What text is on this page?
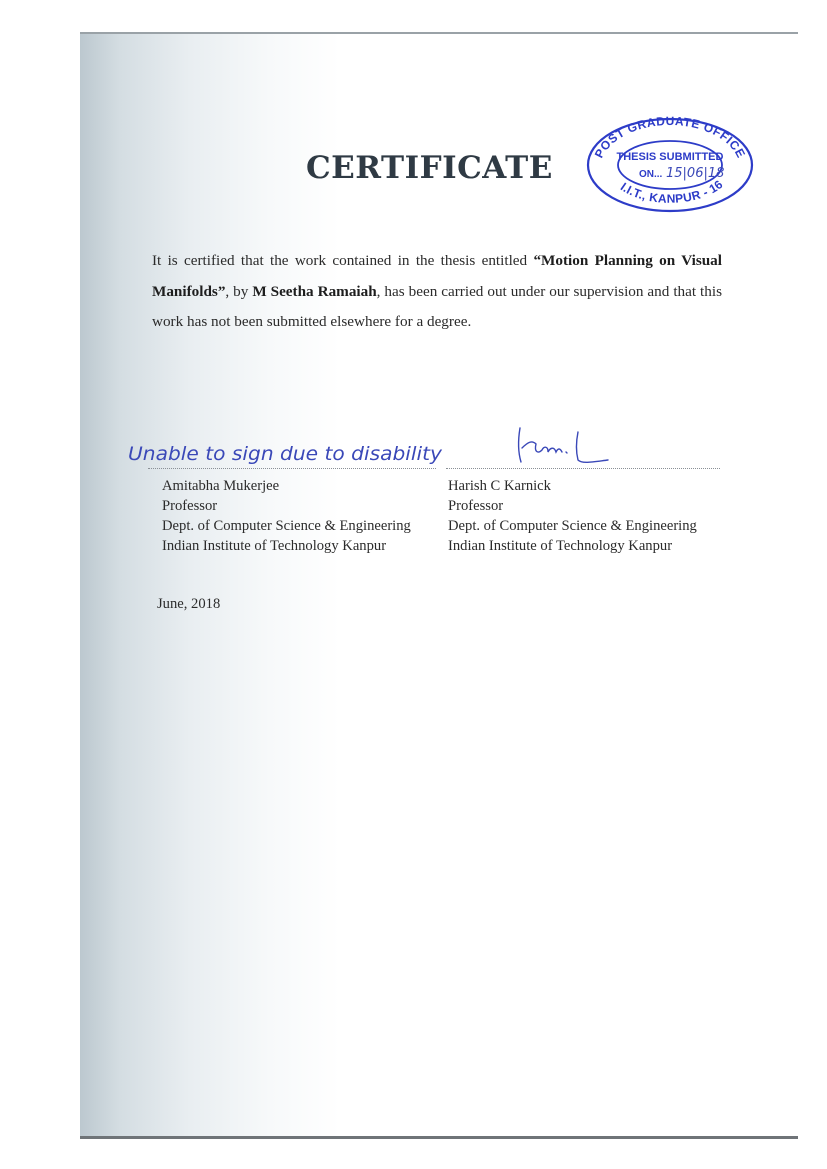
CERTIFICATE	POST GRADUATE OFFICE
THESIS SUBMITTED
ON... 15|06|18
I.I.T., KANPUR - 16
It is certified that the work contained in the thesis entitled “Motion Planning on Visual Manifolds”, by M Seetha Ramaiah, has been carried out under our supervision and that this work has not been submitted elsewhere for a degree.
Unable to sign due to disability
Amitabha Mukerjee
Professor
Dept. of Computer Science & Engineering
Indian Institute of Technology Kanpur
Harish C Karnick
Professor
Dept. of Computer Science & Engineering
Indian Institute of Technology Kanpur
June, 2018
